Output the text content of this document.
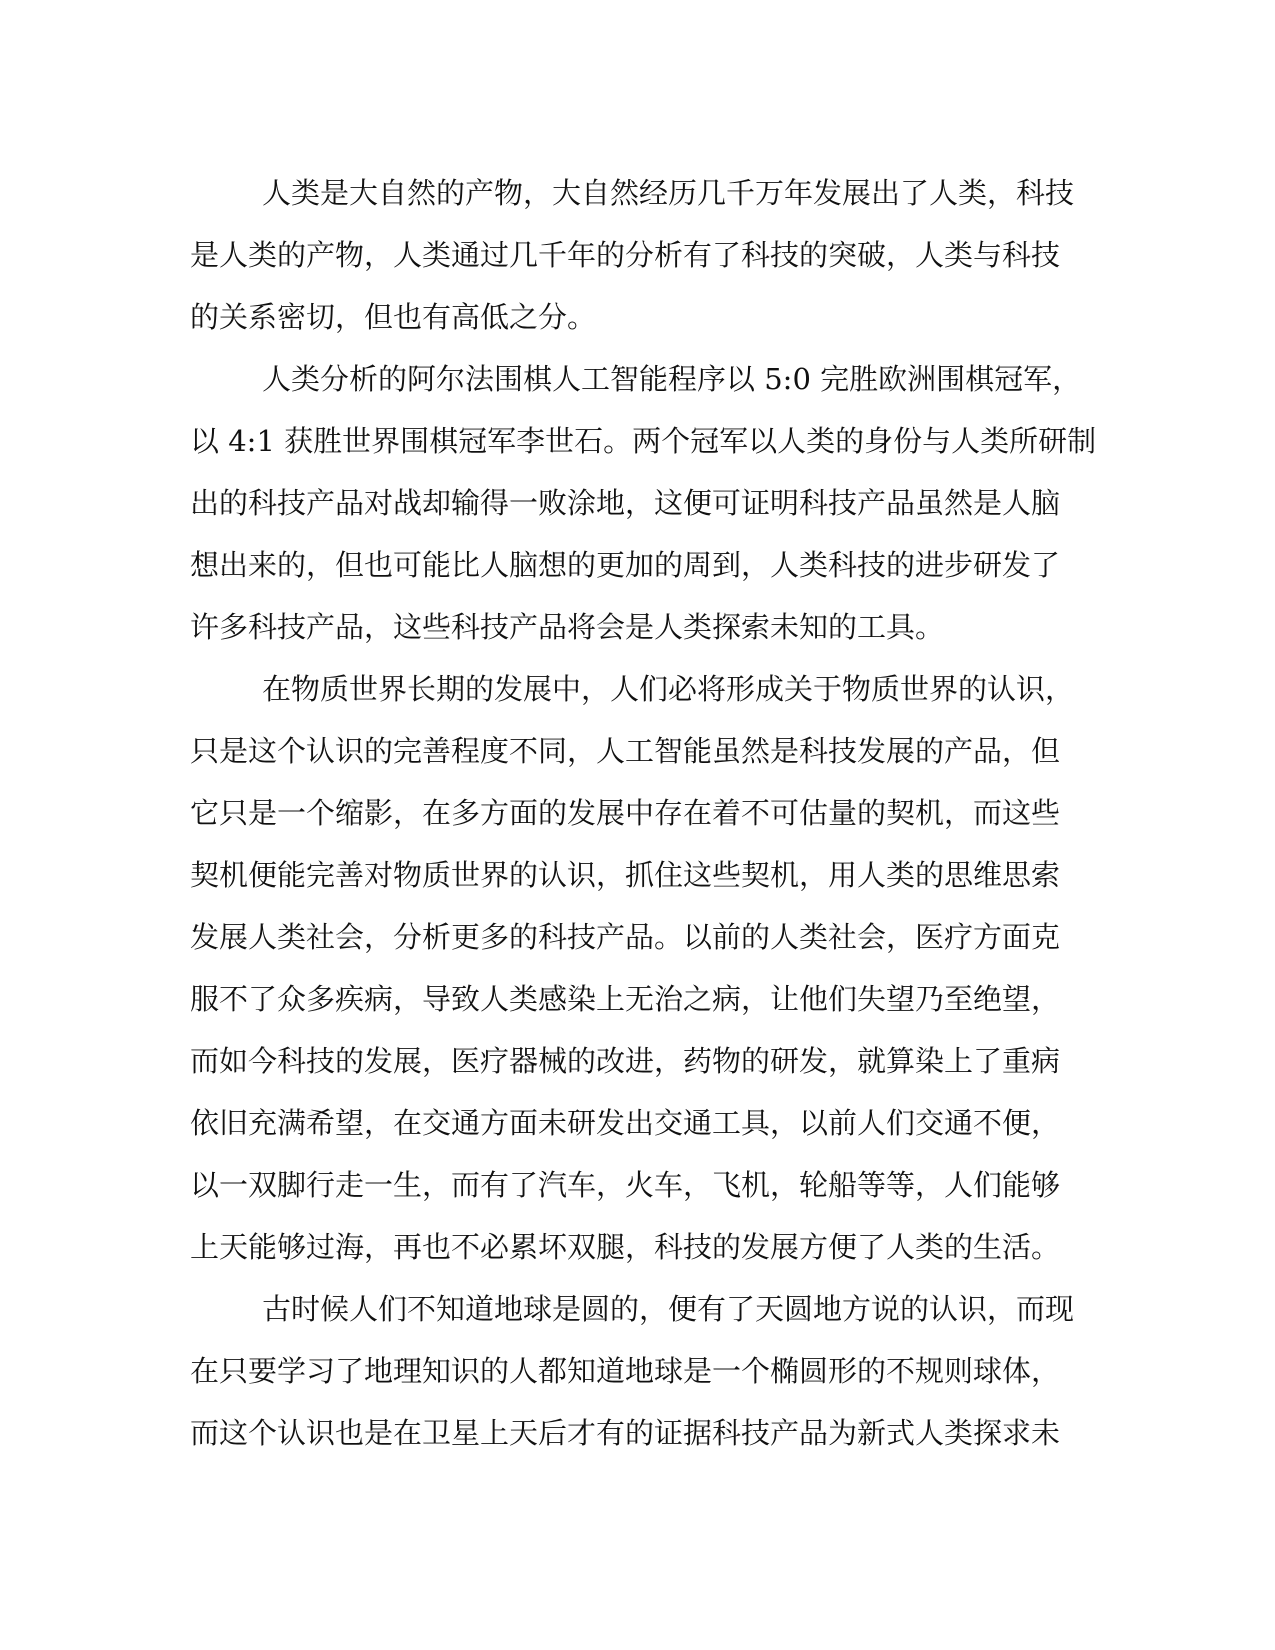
人类是大自然的产物，大自然经历几千万年发展出了人类，科技
是人类的产物，人类通过几千年的分析有了科技的突破，人类与科技
的关系密切，但也有高低之分。
人类分析的阿尔法围棋人工智能程序以 5:0 完胜欧洲围棋冠军，
以 4:1 获胜世界围棋冠军李世石。两个冠军以人类的身份与人类所研制
出的科技产品对战却输得一败涂地，这便可证明科技产品虽然是人脑
想出来的，但也可能比人脑想的更加的周到，人类科技的进步研发了
许多科技产品，这些科技产品将会是人类探索未知的工具。
在物质世界长期的发展中，人们必将形成关于物质世界的认识，
只是这个认识的完善程度不同，人工智能虽然是科技发展的产品，但
它只是一个缩影，在多方面的发展中存在着不可估量的契机，而这些
契机便能完善对物质世界的认识，抓住这些契机，用人类的思维思索
发展人类社会，分析更多的科技产品。以前的人类社会，医疗方面克
服不了众多疾病，导致人类感染上无治之病，让他们失望乃至绝望，
而如今科技的发展，医疗器械的改进，药物的研发，就算染上了重病
依旧充满希望，在交通方面未研发出交通工具，以前人们交通不便，
以一双脚行走一生，而有了汽车，火车，飞机，轮船等等，人们能够
上天能够过海，再也不必累坏双腿，科技的发展方便了人类的生活。
古时候人们不知道地球是圆的，便有了天圆地方说的认识，而现
在只要学习了地理知识的人都知道地球是一个椭圆形的不规则球体，
而这个认识也是在卫星上天后才有的证据科技产品为新式人类探求未
